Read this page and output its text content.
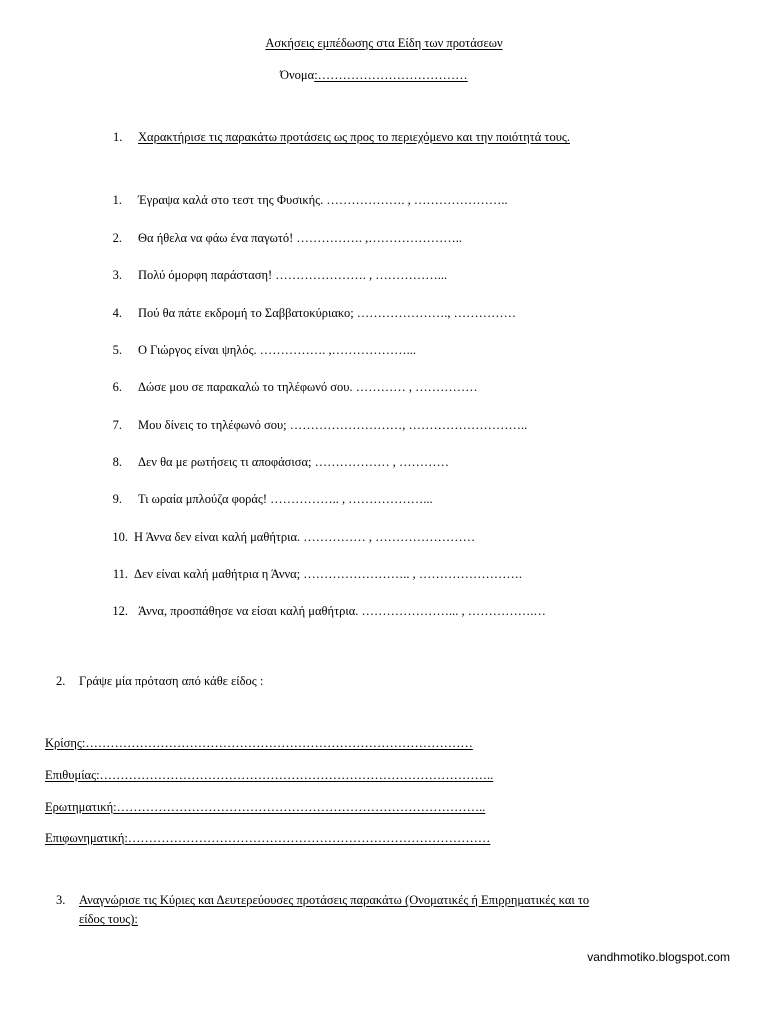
Ασκήσεις εμπέδωσης στα Είδη των προτάσεων
Όνομα:………………………………
1. Χαρακτήρισε τις παρακάτω προτάσεις ως προς το περιεχόμενο και την ποιότητά τους.
1. Έγραψα καλά στο τεστ της Φυσικής. ………………. , …………………..
2. Θα ήθελα να φάω ένα παγωτό! ……………. ,…………………..
3. Πολύ όμορφη παράσταση! …………………. , ……………...
4. Πού θα πάτε εκδρομή το Σαββατοκύριακο; …………………., ……………
5. Ο Γιώργος είναι ψηλός. ……………. ,………………...
6. Δώσε μου σε παρακαλώ το τηλέφωνό σου. ………… , ……………
7. Μου δίνεις το τηλέφωνό σου; ………………………, ………………………..
8. Δεν θα με ρωτήσεις τι αποφάσισα; ……………… , …………
9. Τι ωραία μπλούζα φοράς! …………….. , ………………...
10. Η Άννα δεν είναι καλή μαθήτρια. …………… , ……………………
11. Δεν είναι καλή μαθήτρια η Άννα; …………………….. , …………………….
12. Άννα, προσπάθησε να είσαι καλή μαθήτρια. …………………... , …………….…
2. Γράψε μία πρόταση από κάθε είδος :
Κρίσης:…………………………………………………………………………………
Επιθυμίας:…………………………………………………………………………………..
Ερωτηματική:……………………………………………………………………………..
Επιφωνηματική:……………………………………………………………………………
3. Αναγνώρισε τις Κύριες και Δευτερεύουσες προτάσεις παρακάτω (Ονοματικές ή Επιρρηματικές και το
είδος τους):
vandhmotiko.blogspot.com
